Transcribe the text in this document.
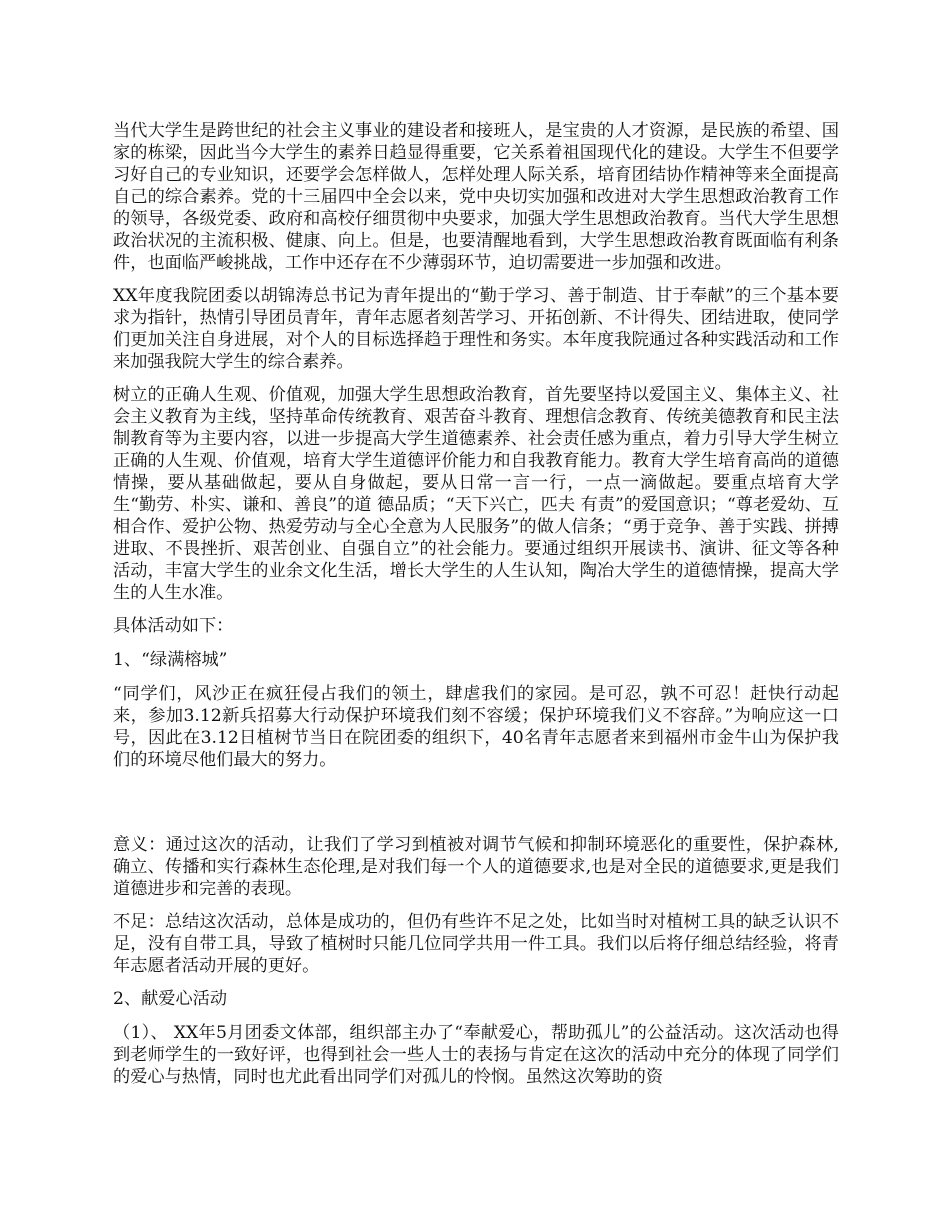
当代大学生是跨世纪的社会主义事业的建设者和接班人，是宝贵的人才资源，是民族的希望、国家的栋梁，因此当今大学生的素养日趋显得重要，它关系着祖国现代化的建设。大学生不但要学习好自己的专业知识，还要学会怎样做人，怎样处理人际关系，培育团结协作精神等来全面提高自己的综合素养。党的十三届四中全会以来，党中央切实加强和改进对大学生思想政治教育工作的领导，各级党委、政府和高校仔细贯彻中央要求，加强大学生思想政治教育。当代大学生思想政治状况的主流积极、健康、向上。但是，也要清醒地看到，大学生思想政治教育既面临有利条件，也面临严峻挑战，工作中还存在不少薄弱环节，迫切需要进一步加强和改进。

XX年度我院团委以胡锦涛总书记为青年提出的“勤于学习、善于制造、甘于奉献”的三个基本要求为指针，热情引导团员青年，青年志愿者刻苦学习、开拓创新、不计得失、团结进取，使同学们更加关注自身进展，对个人的目标选择趋于理性和务实。本年度我院通过各种实践活动和工作来加强我院大学生的综合素养。

树立的正确人生观、价值观，加强大学生思想政治教育，首先要坚持以爱国主义、集体主义、社会主义教育为主线，坚持革命传统教育、艰苦奋斗教育、理想信念教育、传统美德教育和民主法制教育等为主要内容，以进一步提高大学生道德素养、社会责任感为重点，着力引导大学生树立正确的人生观、价值观，培育大学生道德评价能力和自我教育能力。教育大学生培育高尚的道德情操，要从基础做起，要从自身做起，要从日常一言一行，一点一滴做起。要重点培育大学生“勤劳、朴实、谦和、善良”的道 德品质；“天下兴亡，匹夫 有责”的爱国意识；“尊老爱幼、互相合作、爱护公物、热爱劳动与全心全意为人民服务”的做人信条；“勇于竞争、善于实践、拼搏进取、不畏挫折、艰苦创业、自强自立”的社会能力。要通过组织开展读书、演讲、征文等各种活动，丰富大学生的业余文化生活，增长大学生的人生认知，陶冶大学生的道德情操，提高大学生的人生水准。

具体活动如下：

1、“绿满榕城”

“同学们，风沙正在疯狂侵占我们的领土，肆虐我们的家园。是可忍，孰不可忍！赶快行动起来，参加3.12新兵招募大行动保护环境我们刻不容缓；保护环境我们义不容辞。”为响应这一口号，因此在3.12日植树节当日在院团委的组织下，40名青年志愿者来到福州市金牛山为保护我们的环境尽他们最大的努力。

意义：通过这次的活动，让我们了学习到植被对调节气候和抑制环境恶化的重要性，保护森林,确立、传播和实行森林生态伦理,是对我们每一个人的道德要求,也是对全民的道德要求,更是我们道德进步和完善的表现。

不足：总结这次活动，总体是成功的，但仍有些许不足之处，比如当时对植树工具的缺乏认识不足，没有自带工具，导致了植树时只能几位同学共用一件工具。我们以后将仔细总结经验，将青年志愿者活动开展的更好。

2、献爱心活动

（1）、 XX年5月团委文体部，组织部主办了“奉献爱心，帮助孤儿”的公益活动。这次活动也得到老师学生的一致好评，也得到社会一些人士的表扬与肯定在这次的活动中充分的体现了同学们的爱心与热情，同时也尤此看出同学们对孤儿的怜悯。虽然这次筹助的资
